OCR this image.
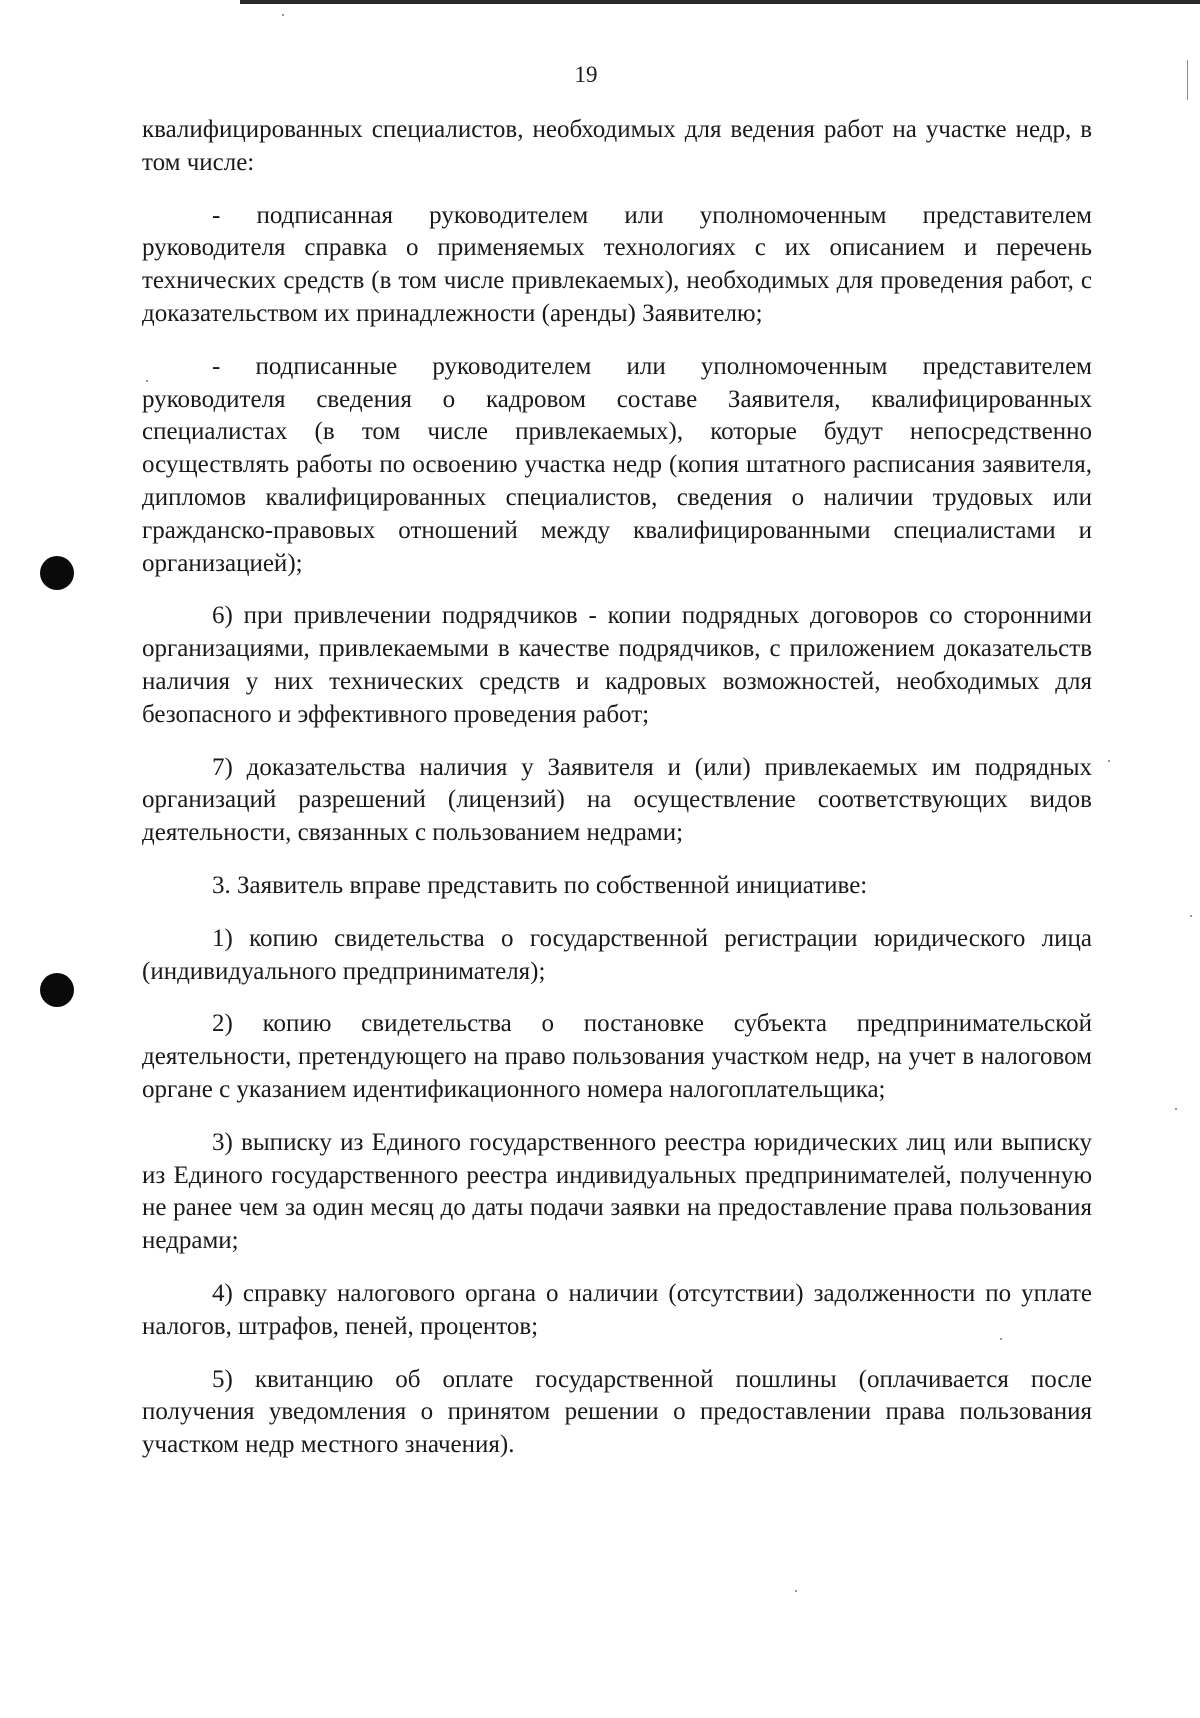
19

квалифицированных специалистов, необходимых для ведения работ на участке недр, в том числе:

- подписанная руководителем или уполномоченным представителем руководителя справка о применяемых технологиях с их описанием и перечень технических средств (в том числе привлекаемых), необходимых для проведения работ, с доказательством их принадлежности (аренды) Заявителю;

- подписанные руководителем или уполномоченным представителем руководителя сведения о кадровом составе Заявителя, квалифицированных специалистах (в том числе привлекаемых), которые будут непосредственно осуществлять работы по освоению участка недр (копия штатного расписания заявителя, дипломов квалифицированных специалистов, сведения о наличии трудовых или гражданско-правовых отношений между квалифицированными специалистами и организацией);

6) при привлечении подрядчиков - копии подрядных договоров со сторонними организациями, привлекаемыми в качестве подрядчиков, с приложением доказательств наличия у них технических средств и кадровых возможностей, необходимых для безопасного и эффективного проведения работ;

7) доказательства наличия у Заявителя и (или) привлекаемых им подрядных организаций разрешений (лицензий) на осуществление соответствующих видов деятельности, связанных с пользованием недрами;

3. Заявитель вправе представить по собственной инициативе:

1) копию свидетельства о государственной регистрации юридического лица (индивидуального предпринимателя);

2) копию свидетельства о постановке субъекта предпринимательской деятельности, претендующего на право пользования участком недр, на учет в налоговом органе с указанием идентификационного номера налогоплательщика;

3) выписку из Единого государственного реестра юридических лиц или выписку из Единого государственного реестра индивидуальных предпринимателей, полученную не ранее чем за один месяц до даты подачи заявки на предоставление права пользования недрами;

4) справку налогового органа о наличии (отсутствии) задолженности по уплате налогов, штрафов, пеней, процентов;

5) квитанцию об оплате государственной пошлины (оплачивается после получения уведомления о принятом решении о предоставлении права пользования участком недр местного значения).
